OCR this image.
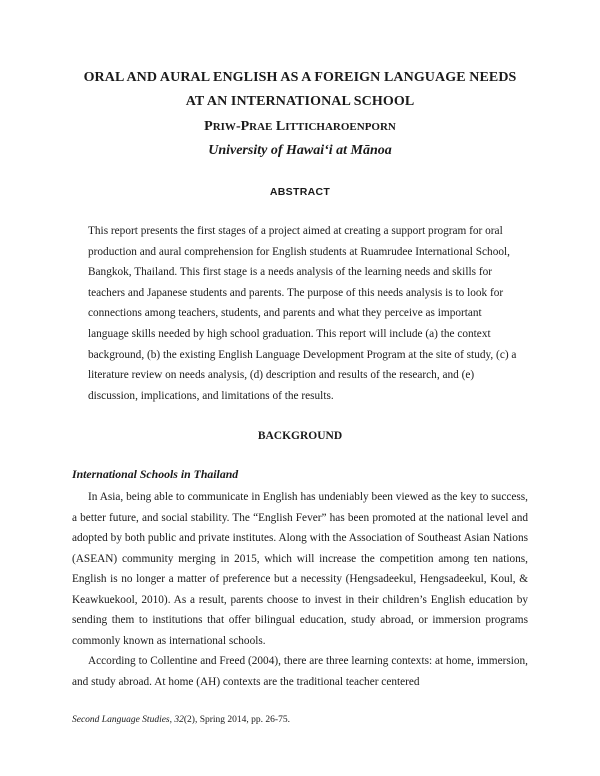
ORAL AND AURAL ENGLISH AS A FOREIGN LANGUAGE NEEDS
AT AN INTERNATIONAL SCHOOL
PRIW-PRAE LITTICHAROENPORN
University of Hawai‘i at Mānoa
ABSTRACT
This report presents the first stages of a project aimed at creating a support program for oral production and aural comprehension for English students at Ruamrudee International School, Bangkok, Thailand. This first stage is a needs analysis of the learning needs and skills for teachers and Japanese students and parents. The purpose of this needs analysis is to look for connections among teachers, students, and parents and what they perceive as important language skills needed by high school graduation. This report will include (a) the context background, (b) the existing English Language Development Program at the site of study, (c) a literature review on needs analysis, (d) description and results of the research, and (e) discussion, implications, and limitations of the results.
BACKGROUND
International Schools in Thailand

In Asia, being able to communicate in English has undeniably been viewed as the key to success, a better future, and social stability. The “English Fever” has been promoted at the national level and adopted by both public and private institutes. Along with the Association of Southeast Asian Nations (ASEAN) community merging in 2015, which will increase the competition among ten nations, English is no longer a matter of preference but a necessity (Hengsadeekul, Hengsadeekul, Koul, & Keawkuekool, 2010). As a result, parents choose to invest in their children’s English education by sending them to institutions that offer bilingual education, study abroad, or immersion programs commonly known as international schools.

According to Collentine and Freed (2004), there are three learning contexts: at home, immersion, and study abroad. At home (AH) contexts are the traditional teacher centered

Second Language Studies, 32(2), Spring 2014, pp. 26-75.
